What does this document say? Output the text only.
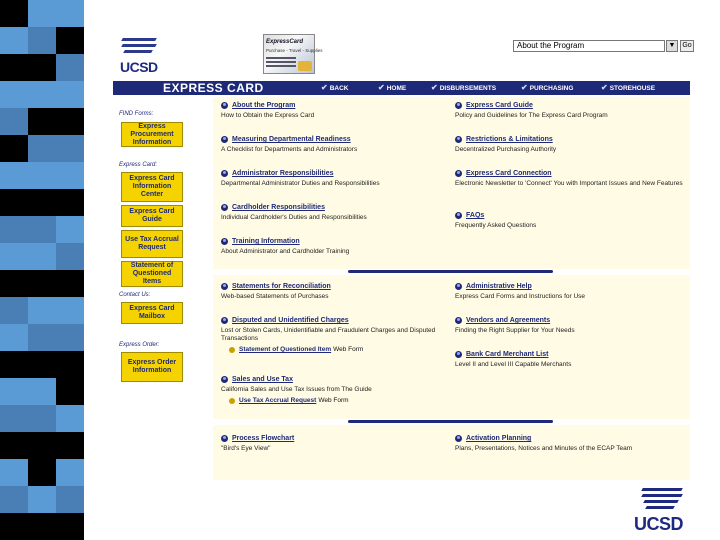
UCSD
ExpressCard
Purchase - Travel - Supplies
About the Program	▼ Go
EXPRESS CARD	✔ BACK	✔ HOME	✔ DISBURSEMENTS	✔ PURCHASING	✔ STOREHOUSE
FIND Forms:
Express Procurement Information
Express Card:
Express Card Information Center
Express Card Guide
Use Tax Accrual Request
Statement of Questioned Items
Contact Us:
Express Card Mailbox
Express Order:
Express Order Information
About the Program
How to Obtain the Express Card
Express Card Guide
Policy and Guidelines for The Express Card Program
Measuring Departmental Readiness
A Checklist for Departments and Administrators
Restrictions & Limitations
Decentralized Purchasing Authority
Administrator Responsibilities
Departmental Administrator Duties and Responsibilities
Express Card Connection
Electronic Newsletter to 'Connect' You with Important Issues and New Features
Cardholder Responsibilities
Individual Cardholder's Duties and Responsibilities	FAQs
Frequently Asked Questions
Training Information
About Administrator and Cardholder Training
Statements for Reconciliation
Web-based Statements of Purchases
Administrative Help
Express Card Forms and Instructions for Use
Disputed and Unidentified Charges
Lost or Stolen Cards, Unidentifiable and Fraudulent Charges and Disputed Transactions
Statement of Questioned Item Web Form
Vendors and Agreements
Finding the Right Supplier for Your Needs
Bank Card Merchant List
Level II and Level III Capable Merchants
Sales and Use Tax
California Sales and Use Tax Issues from The Guide
Use Tax Accrual Request Web Form
Process Flowchart
"Bird's Eye View"
Activation Planning
Plans, Presentations, Notices and Minutes of the ECAP Team
UCSD
